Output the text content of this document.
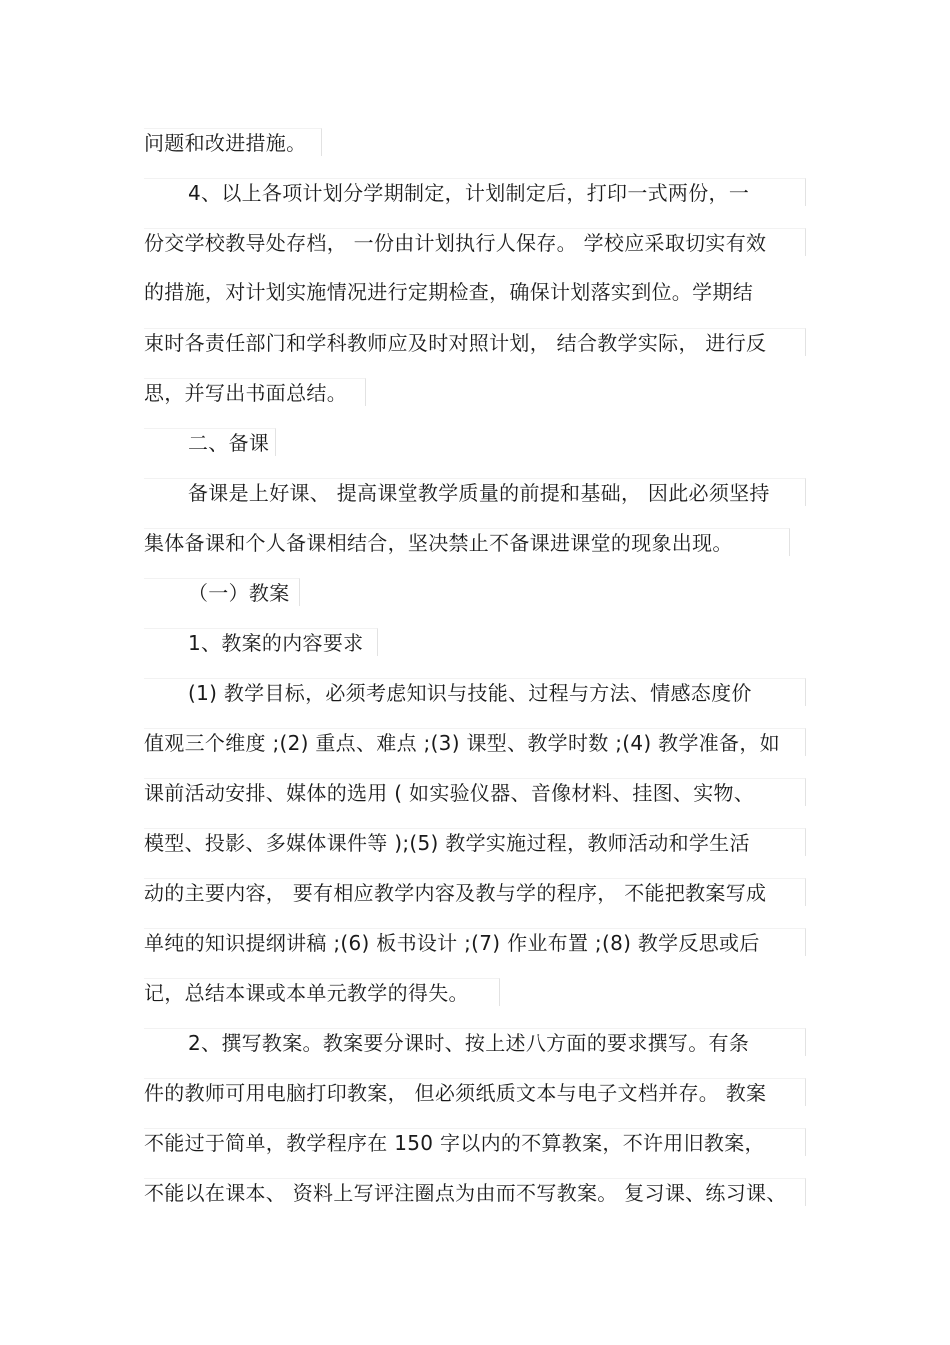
问题和改进措施。
4、以上各项计划分学期制定，计划制定后，打印一式两份，一
份交学校教导处存档， 一份由计划执行人保存。 学校应采取切实有效
的措施，对计划实施情况进行定期检查，确保计划落实到位。学期结
束时各责任部门和学科教师应及时对照计划， 结合教学实际， 进行反
思，并写出书面总结。
二、备课
备课是上好课、 提高课堂教学质量的前提和基础， 因此必须坚持
集体备课和个人备课相结合，坚决禁止不备课进课堂的现象出现。
（一）教案
1、教案的内容要求
(1) 教学目标，必须考虑知识与技能、过程与方法、情感态度价
值观三个维度 ;(2) 重点、难点 ;(3) 课型、教学时数 ;(4) 教学准备，如
课前活动安排、媒体的选用 ( 如实验仪器、音像材料、挂图、实物、
模型、投影、多媒体课件等 );(5) 教学实施过程，教师活动和学生活
动的主要内容， 要有相应教学内容及教与学的程序， 不能把教案写成
单纯的知识提纲讲稿 ;(6) 板书设计 ;(7) 作业布置 ;(8) 教学反思或后
记，总结本课或本单元教学的得失。
2、撰写教案。教案要分课时、按上述八方面的要求撰写。有条
件的教师可用电脑打印教案， 但必须纸质文本与电子文档并存。 教案
不能过于简单，教学程序在 150 字以内的不算教案，不许用旧教案，
不能以在课本、 资料上写评注圈点为由而不写教案。 复习课、练习课、
